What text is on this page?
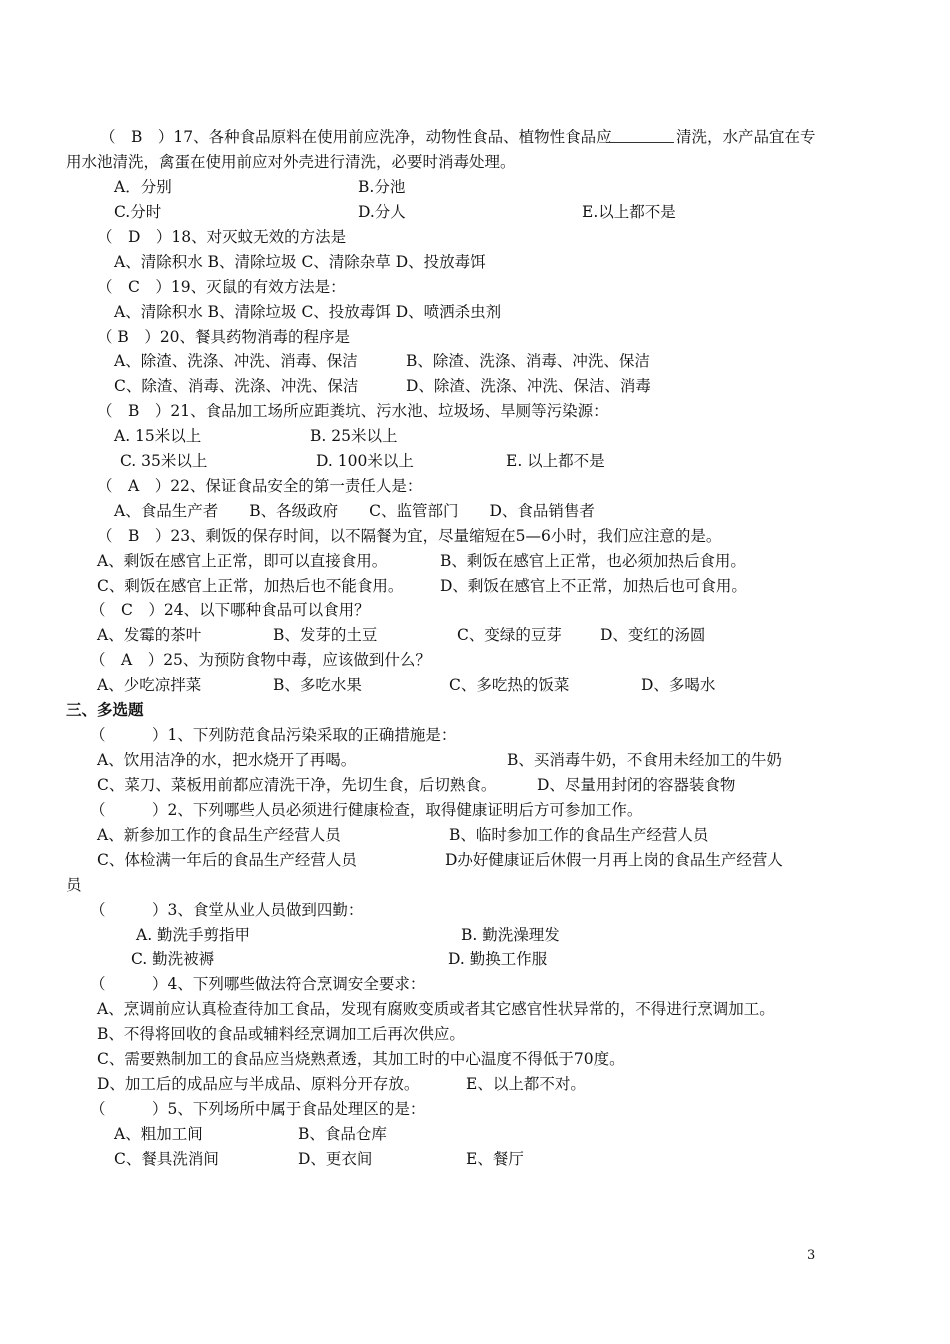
（　B　）17、各种食品原料在使用前应洗净，动物性食品、植物性食品应	清洗，水产品宜在专
用水池清洗，禽蛋在使用前应对外壳进行清洗，必要时消毒处理。
A．分别	B.分池
C.分时	D.分人	E.以上都不是
（　D　）18、对灭蚊无效的方法是
A、清除积水 B、清除垃圾 C、清除杂草 D、投放毒饵
（　C　）19、灭鼠的有效方法是：
A、清除积水 B、清除垃圾 C、投放毒饵 D、喷洒杀虫剂
（ B　）20、餐具药物消毒的程序是
A、除渣、洗涤、冲洗、消毒、保洁	B、除渣、洗涤、消毒、冲洗、保洁
C、除渣、消毒、洗涤、冲洗、保洁	D、除渣、洗涤、冲洗、保洁、消毒
（　B　）21、食品加工场所应距粪坑、污水池、垃圾场、旱厕等污染源：
A. 15米以上	B. 25米以上
C. 35米以上	D. 100米以上	E. 以上都不是
（　A　）22、保证食品安全的第一责任人是：
A、食品生产者　　B、各级政府　　C、监管部门　　D、食品销售者
（　B　）23、剩饭的保存时间，以不隔餐为宜，尽量缩短在5—6小时，我们应注意的是。
A、剩饭在感官上正常，即可以直接食用。	B、剩饭在感官上正常，也必须加热后食用。
C、剩饭在感官上正常，加热后也不能食用。 D、剩饭在感官上不正常，加热后也可食用。
（　C　）24、以下哪种食品可以食用？
A、发霉的茶叶	B、发芽的土豆	C、变绿的豆芽 D、变红的汤圆
（　A　）25、为预防食物中毒，应该做到什么？
A、少吃凉拌菜	B、多吃水果	C、多吃热的饭菜	D、多喝水
三、多选题
（　　　）1、下列防范食品污染采取的正确措施是：
A、饮用洁净的水，把水烧开了再喝。	B、买消毒牛奶，不食用未经加工的牛奶
C、菜刀、菜板用前都应清洗干净，先切生食，后切熟食。	D、尽量用封闭的容器装食物
（　　　）2、下列哪些人员必须进行健康检查，取得健康证明后方可参加工作。
A、新参加工作的食品生产经营人员	B、临时参加工作的食品生产经营人员
C、体检满一年后的食品生产经营人员	D办好健康证后休假一月再上岗的食品生产经营人
员
（　　　）3、食堂从业人员做到四勤：
A. 勤洗手剪指甲	B. 勤洗澡理发
C. 勤洗被褥	D. 勤换工作服
（　　　）4、下列哪些做法符合烹调安全要求：
A、烹调前应认真检查待加工食品，发现有腐败变质或者其它感官性状异常的，不得进行烹调加工。
B、不得将回收的食品或辅料经烹调加工后再次供应。
C、需要熟制加工的食品应当烧熟煮透，其加工时的中心温度不得低于70度。
D、加工后的成品应与半成品、原料分开存放。	E、以上都不对。
（　　　）5、下列场所中属于食品处理区的是：
A、粗加工间	B、食品仓库
C、餐具洗消间	D、更衣间	E、餐厅
3
